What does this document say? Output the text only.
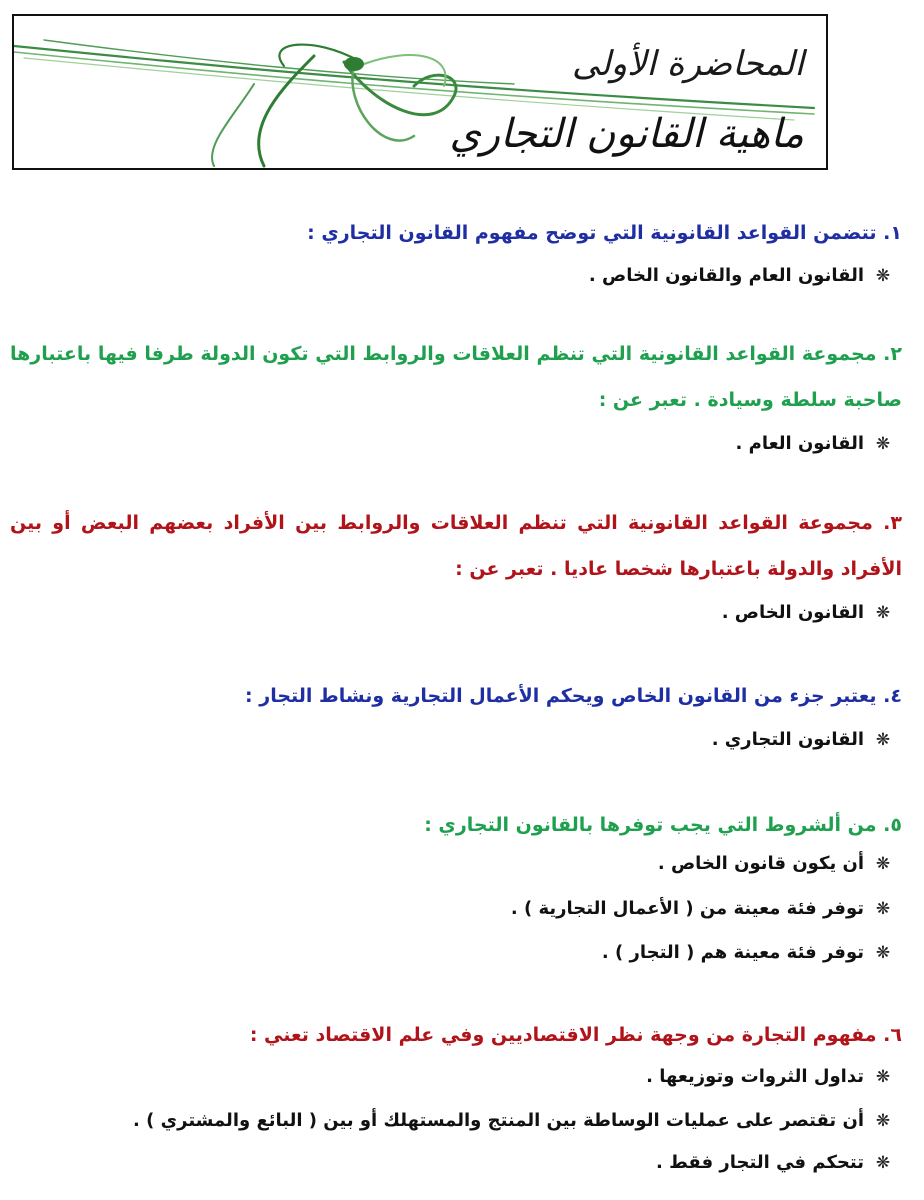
المحاضرة الأولى
ماهية القانون التجاري

١. تتضمن القواعد القانونية التي توضح مفهوم القانون التجاري :

❋القانون العام والقانون الخاص .

٢. مجموعة القواعد القانونية التي تنظم العلاقات والروابط التي تكون الدولة طرفا فيها باعتبارها صاحبة سلطة وسيادة . تعبر عن :

❋القانون العام .

٣. مجموعة القواعد القانونية التي تنظم العلاقات والروابط بين الأفراد بعضهم البعض أو بين الأفراد والدولة باعتبارها شخصا عاديا . تعبر عن :

❋القانون الخاص .

٤. يعتبر جزء من القانون الخاص ويحكم الأعمال التجارية ونشاط التجار :

❋القانون التجاري .

٥. من ألشروط التي يجب توفرها بالقانون التجاري :

❋أن يكون قانون الخاص .

❋توفر فئة معينة من ( الأعمال التجارية ) .

❋توفر فئة معينة هم ( التجار ) .

٦. مفهوم التجارة من وجهة نظر الاقتصاديين وفي علم الاقتصاد تعني :

❋تداول الثروات وتوزيعها .

❋أن تقتصر على عمليات الوساطة بين المنتج والمستهلك أو بين ( البائع والمشتري ) .

❋تتحكم في التجار فقط .
